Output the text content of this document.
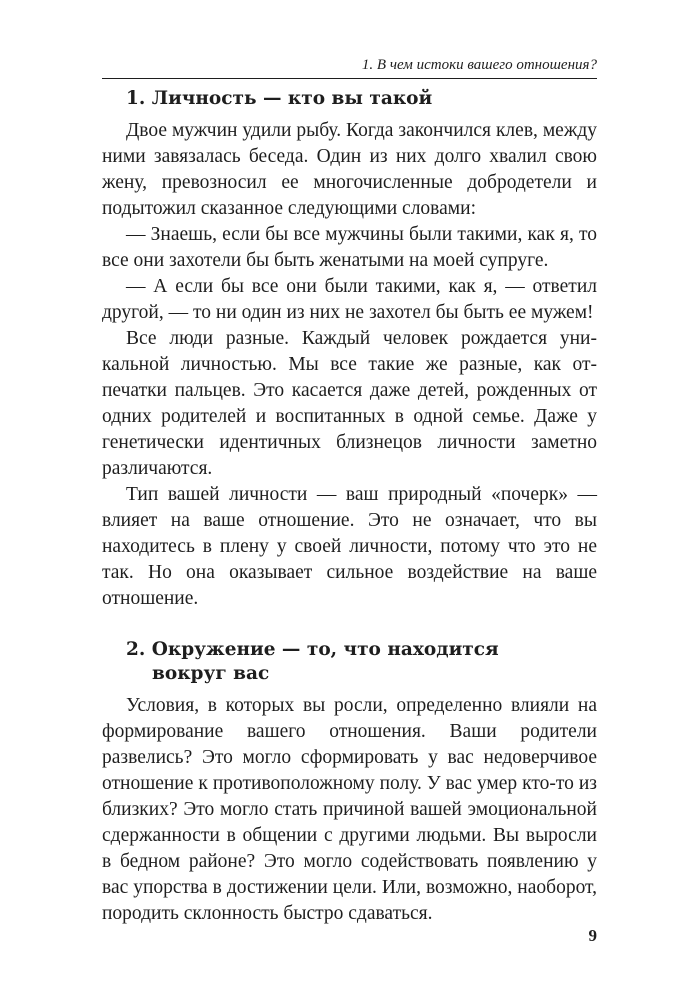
1. В чем истоки вашего отношения?
1. Личность — кто вы такой

Двое мужчин удили рыбу. Когда закончился клев, между ними завязалась беседа. Один из них долго хвалил свою жену, превозносил ее многочисленные добродетели и подытожил сказанное следующими словами:

— Знаешь, если бы все мужчины были такими, как я, то все они захотели бы быть женатыми на моей супруге.

— А если бы все они были такими, как я, — ответил другой, — то ни один из них не захотел бы быть ее мужем!

Все люди разные. Каждый человек рождается уникальной личностью. Мы все такие же разные, как отпечатки пальцев. Это касается даже детей, рожденных от одних родителей и воспитанных в одной семье. Даже у генетически идентичных близнецов личности заметно различаются.

Тип вашей личности — ваш природный «почерк» — влияет на ваше отношение. Это не означает, что вы находитесь в плену у своей личности, потому что это не так. Но она оказывает сильное воздействие на ваше отношение.

2. Окружение — то, что находится
вокруг вас

Условия, в которых вы росли, определенно влияли на формирование вашего отношения. Ваши родители развелись? Это могло сформировать у вас недоверчивое отношение к противоположному полу. У вас умер кто-то из близких? Это могло стать причиной вашей эмоциональной сдержанности в общении с другими людьми. Вы выросли в бедном районе? Это могло содействовать появлению у вас упорства в достижении цели. Или, возможно, наоборот, породить склонность быстро сдаваться.

9
